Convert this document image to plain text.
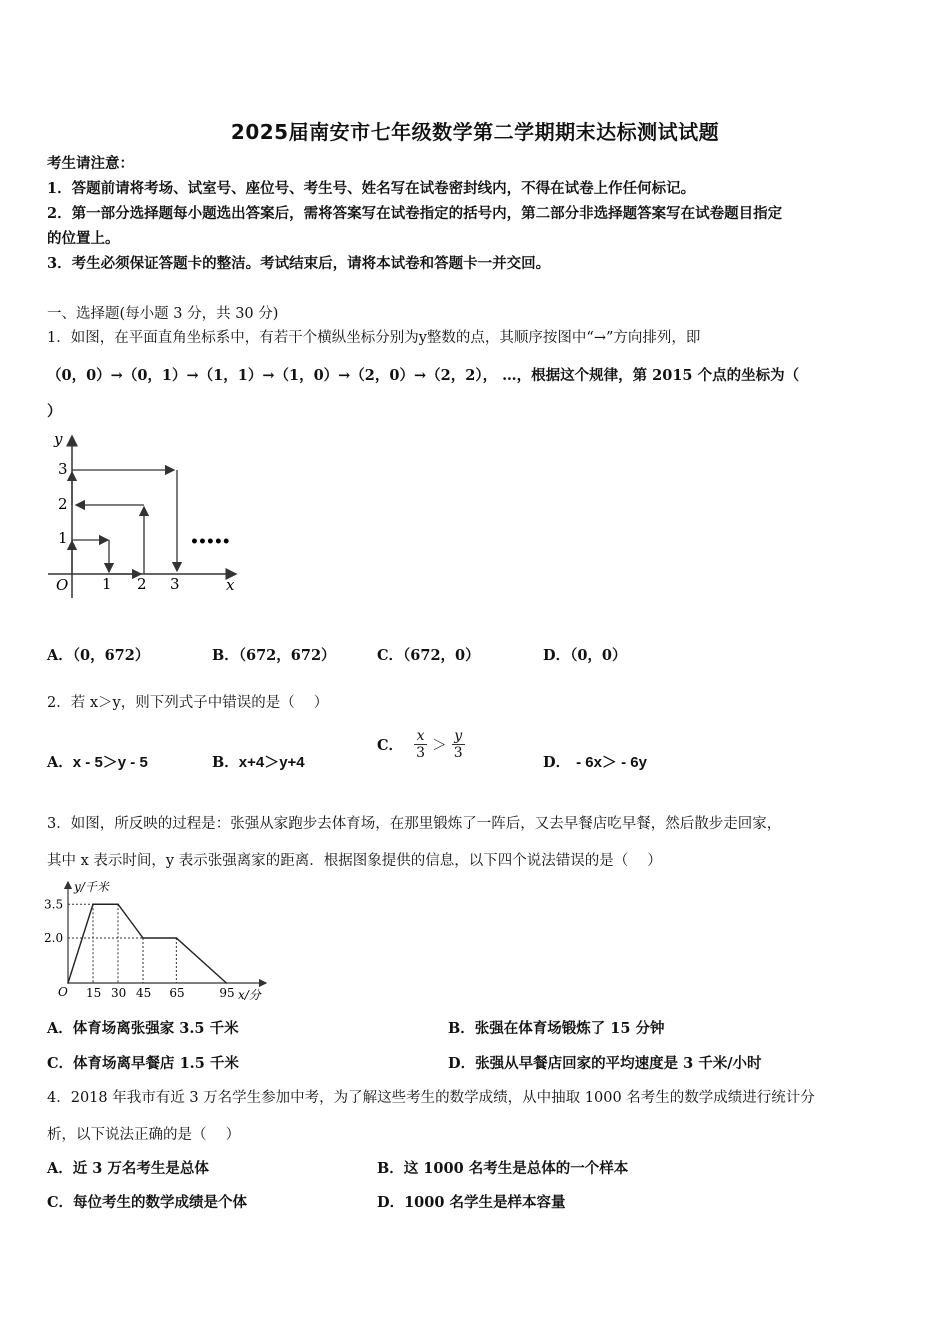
2025届南安市七年级数学第二学期期末达标测试试题
考生请注意：
1．答题前请将考场、试室号、座位号、考生号、姓名写在试卷密封线内，不得在试卷上作任何标记。
2．第一部分选择题每小题选出答案后，需将答案写在试卷指定的括号内，第二部分非选择题答案写在试卷题目指定
的位置上。
3．考生必须保证答题卡的整洁。考试结束后，请将本试卷和答题卡一并交回。
一、选择题(每小题 3 分，共 30 分)
1．如图，在平面直角坐标系中，有若干个横纵坐标分别为y整数的点，其顺序按图中“→”方向排列，即
（0，0）→（0，1）→（1，1）→（1，0）→（2，0）→（2，2）， …，根据这个规律，第 2015 个点的坐标为（
）
y
x
O
1
2
3
1 2 3
•••••
A．（0，672）	B．（672，672）	C．（672，0）	D．（0，0）
2．若 x＞y，则下列式子中错误的是（　 ）
A．x - 5＞y - 5	B．x+4＞y+4
C． $\frac{x}{3} > \frac{y}{3}$
D． - 6x＞ - 6y
3．如图，所反映的过程是：张强从家跑步去体育场，在那里锻炼了一阵后，又去早餐店吃早餐，然后散步走回家，
其中 x 表示时间，y 表示张强离家的距离．根据图象提供的信息，以下四个说法错误的是（　 ）
y/千米
x/分
O 15 30 45 65	95
3.5
2.0
A．体育场离张强家 3.5 千米	B．张强在体育场锻炼了 15 分钟
C．体育场离早餐店 1.5 千米	D．张强从早餐店回家的平均速度是 3 千米/小时
4．2018 年我市有近 3 万名学生参加中考，为了解这些考生的数学成绩，从中抽取 1000 名考生的数学成绩进行统计分
析，以下说法正确的是（　 ）
A．近 3 万名考生是总体	B．这 1000 名考生是总体的一个样本
C．每位考生的数学成绩是个体	D．1000 名学生是样本容量
